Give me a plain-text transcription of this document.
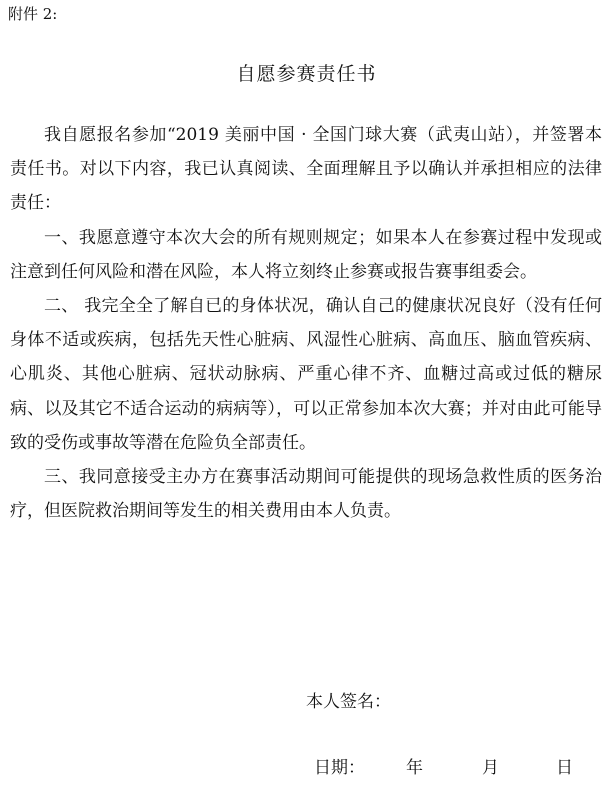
附件 2:
自愿参赛责任书

我自愿报名参加“2019 美丽中国 · 全国门球大赛（武夷山站），并签署本责任书。对以下内容，我已认真阅读、全面理解且予以确认并承担相应的法律责任：

一、我愿意遵守本次大会的所有规则规定；如果本人在参赛过程中发现或注意到任何风险和潜在风险，本人将立刻终止参赛或报告赛事组委会。

二、 我完全全了解自已的身体状况，确认自己的健康状况良好（没有任何身体不适或疾病，包括先天性心脏病、风湿性心脏病、高血压、脑血管疾病、心肌炎、其他心脏病、冠状动脉病、严重心律不齐、血糖过高或过低的糖尿病、以及其它不适合运动的病病等），可以正常参加本次大赛；并对由此可能导致的受伤或事故等潜在危险负全部责任。

三、我同意接受主办方在赛事活动期间可能提供的现场急救性质的医务治疗，但医院救治期间等发生的相关费用由本人负责。

本人签名：
日期： 年	月	日
